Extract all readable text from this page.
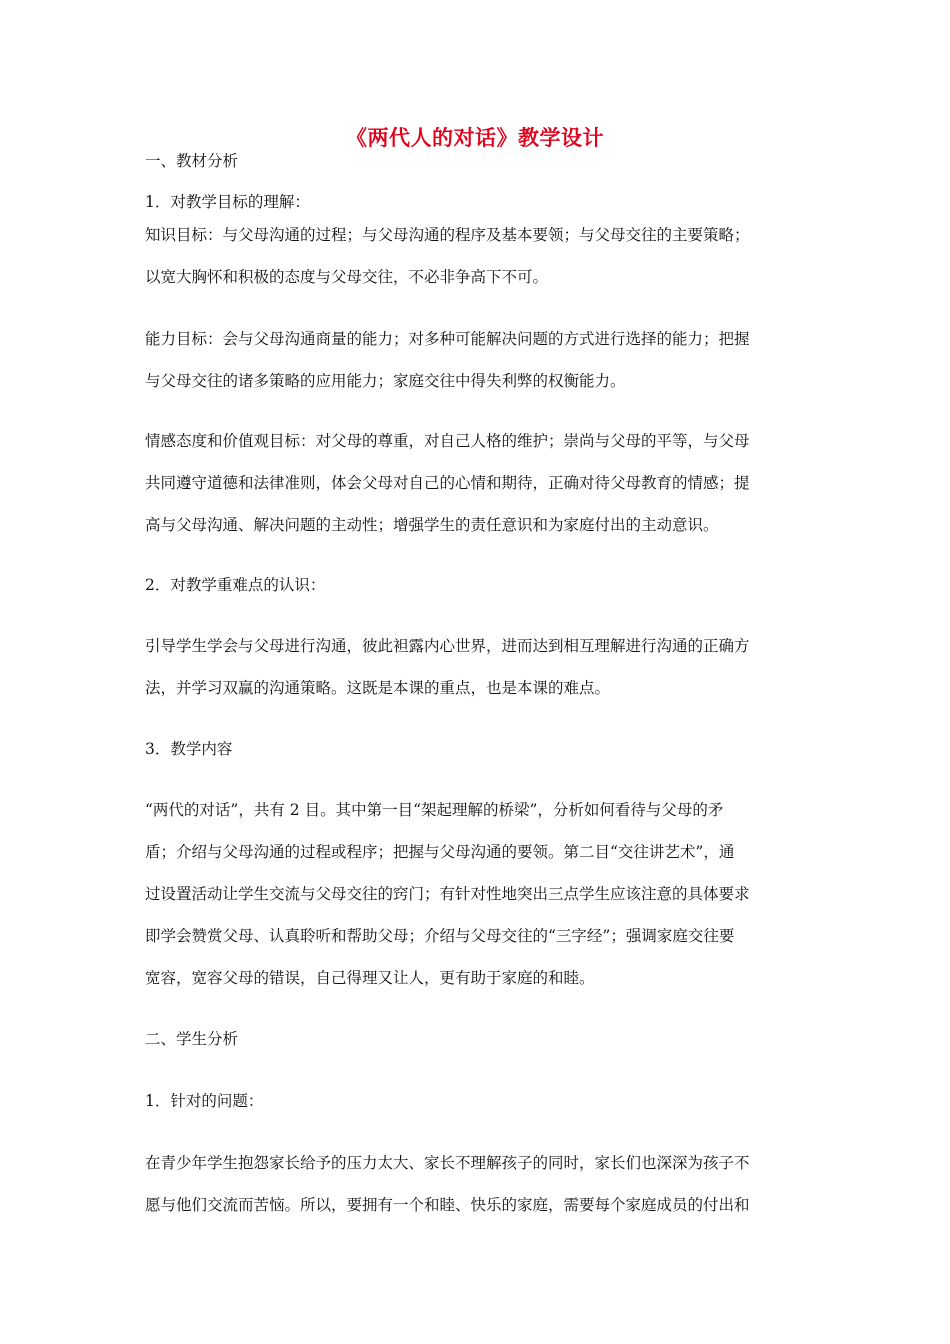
《两代人的对话》教学设计
一、教材分析
1．对教学目标的理解：
知识目标：与父母沟通的过程；与父母沟通的程序及基本要领；与父母交往的主要策略；
以宽大胸怀和积极的态度与父母交往，不必非争高下不可。
能力目标：会与父母沟通商量的能力；对多种可能解决问题的方式进行选择的能力；把握
与父母交往的诸多策略的应用能力；家庭交往中得失利弊的权衡能力。
情感态度和价值观目标：对父母的尊重，对自己人格的维护；崇尚与父母的平等，与父母
共同遵守道德和法律准则，体会父母对自己的心情和期待，正确对待父母教育的情感；提
高与父母沟通、解决问题的主动性；增强学生的责任意识和为家庭付出的主动意识。
2．对教学重难点的认识：
引导学生学会与父母进行沟通，彼此袒露内心世界，进而达到相互理解进行沟通的正确方
法，并学习双赢的沟通策略。这既是本课的重点，也是本课的难点。
3．教学内容
“两代的对话”，共有 2 目。其中第一目“架起理解的桥梁”，分析如何看待与父母的矛
盾；介绍与父母沟通的过程或程序；把握与父母沟通的要领。第二目“交往讲艺术”，通
过设置活动让学生交流与父母交往的窍门；有针对性地突出三点学生应该注意的具体要求
即学会赞赏父母、认真聆听和帮助父母；介绍与父母交往的“三字经”；强调家庭交往要
宽容，宽容父母的错误，自己得理又让人，更有助于家庭的和睦。
二、学生分析
1．针对的问题：
在青少年学生抱怨家长给予的压力太大、家长不理解孩子的同时，家长们也深深为孩子不
愿与他们交流而苦恼。所以，要拥有一个和睦、快乐的家庭，需要每个家庭成员的付出和
